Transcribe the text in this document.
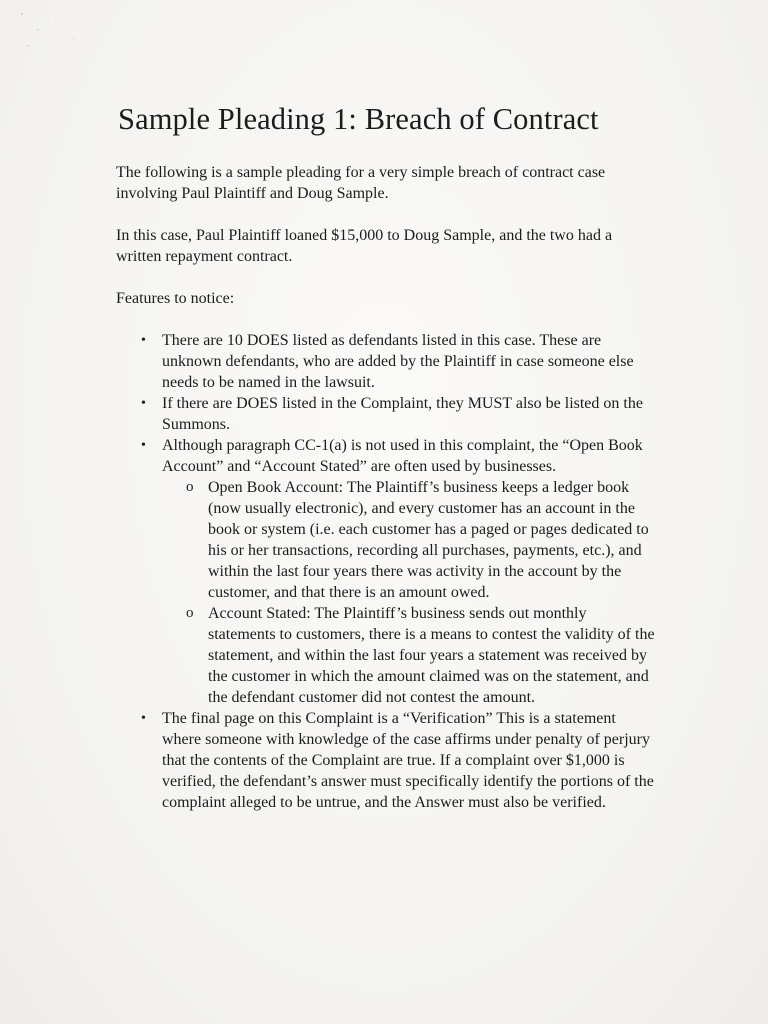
Sample Pleading 1: Breach of Contract

The following is a sample pleading for a very simple breach of contract case involving Paul Plaintiff and Doug Sample.

In this case, Paul Plaintiff loaned $15,000 to Doug Sample, and the two had a written repayment contract.

Features to notice:

• There are 10 DOES listed as defendants listed in this case. These are unknown defendants, who are added by the Plaintiff in case someone else needs to be named in the lawsuit.
• If there are DOES listed in the Complaint, they MUST also be listed on the Summons.
• Although paragraph CC-1(a) is not used in this complaint, the “Open Book Account” and “Account Stated” are often used by businesses.
o Open Book Account: The Plaintiff’s business keeps a ledger book (now usually electronic), and every customer has an account in the book or system (i.e. each customer has a paged or pages dedicated to his or her transactions, recording all purchases, payments, etc.), and within the last four years there was activity in the account by the customer, and that there is an amount owed.
o Account Stated: The Plaintiff’s business sends out monthly statements to customers, there is a means to contest the validity of the statement, and within the last four years a statement was received by the customer in which the amount claimed was on the statement, and the defendant customer did not contest the amount.
• The final page on this Complaint is a “Verification” This is a statement where someone with knowledge of the case affirms under penalty of perjury that the contents of the Complaint are true. If a complaint over $1,000 is verified, the defendant’s answer must specifically identify the portions of the complaint alleged to be untrue, and the Answer must also be verified.
